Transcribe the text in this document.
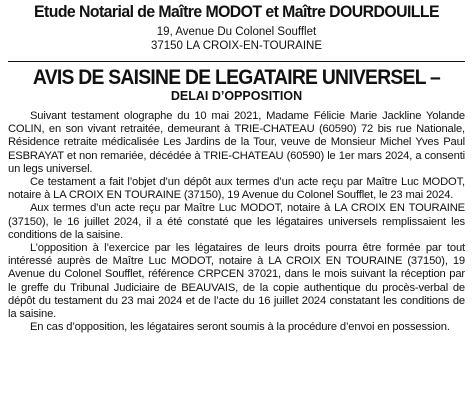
Etude Notarial de Maître MODOT et Maître DOURDOUILLE
19, Avenue Du Colonel Soufflet
37150 LA CROIX-EN-TOURAINE
AVIS DE SAISINE DE LEGATAIRE UNIVERSEL –
DELAI D’OPPOSITION

Suivant testament olographe du 10 mai 2021, Madame Félicie Marie Jackline Yolande COLIN, en son vivant retraitée, demeurant à TRIE-CHATEAU (60590) 72 bis rue Nationale, Résidence retraite médicalisée Les Jardins de la Tour, veuve de Monsieur Michel Yves Paul ESBRAYAT et non remariée, décédée à TRIE-CHATEAU (60590) le 1er mars 2024, a consenti un legs universel.

Ce testament a fait l’objet d’un dépôt aux termes d’un acte reçu par Maître Luc MODOT, notaire à LA CROIX EN TOURAINE (37150), 19 Avenue du Colonel Soufflet, le 23 mai 2024.

Aux termes d’un acte reçu par Maître Luc MODOT, notaire à LA CROIX EN TOURAINE (37150), le 16 juillet 2024, il a été constaté que les légataires universels remplissaient les conditions de la saisine.

L’opposition à l’exercice par les légataires de leurs droits pourra être formée par tout intéressé auprès de Maître Luc MODOT, notaire à LA CROIX EN TOURAINE (37150), 19 Avenue du Colonel Soufflet, référence CRPCEN 37021, dans le mois suivant la réception par le greffe du Tribunal Judiciaire de BEAUVAIS, de la copie authentique du procès-verbal de dépôt du testament du 23 mai 2024 et de l’acte du 16 juillet 2024 constatant les conditions de la saisine.

En cas d’opposition, les légataires seront soumis à la procédure d’envoi en possession.
